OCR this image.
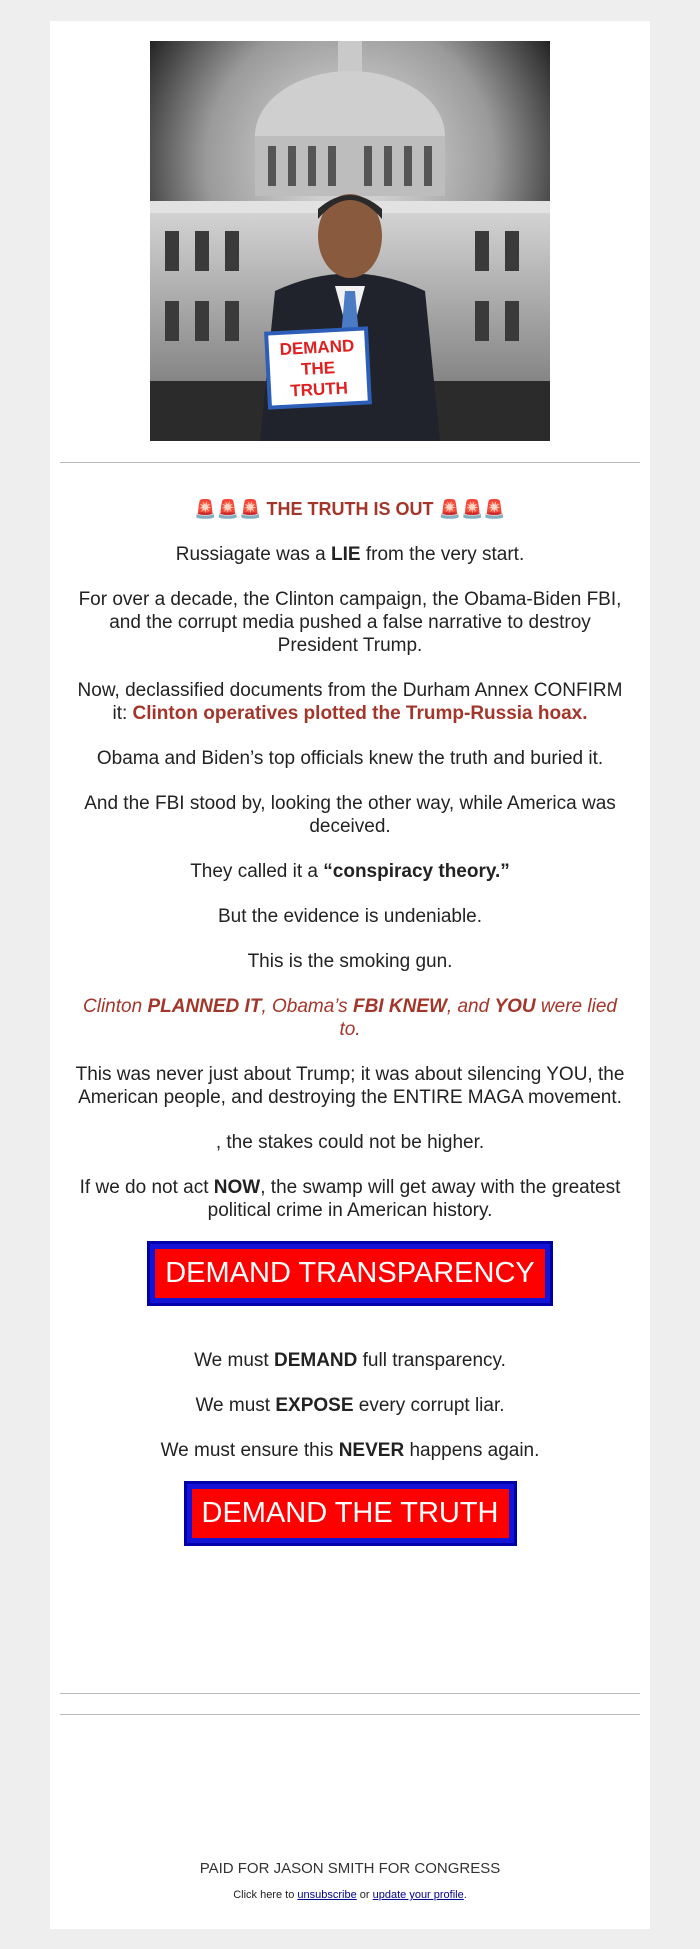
DEMAND
THE
TRUTH

🚨🚨🚨 THE TRUTH IS OUT 🚨🚨🚨

Russiagate was a LIE from the very start.

For over a decade, the Clinton campaign, the Obama-Biden FBI, and the corrupt media pushed a false narrative to destroy President Trump.

Now, declassified documents from the Durham Annex CONFIRM it: Clinton operatives plotted the Trump-Russia hoax.

Obama and Biden’s top officials knew the truth and buried it.

And the FBI stood by, looking the other way, while America was deceived.

They called it a “conspiracy theory.”

But the evidence is undeniable.

This is the smoking gun.

Clinton PLANNED IT, Obama’s FBI KNEW, and YOU were lied to.

This was never just about Trump; it was about silencing YOU, the American people, and destroying the ENTIRE MAGA movement.

, the stakes could not be higher.

If we do not act NOW, the swamp will get away with the greatest political crime in American history.

DEMAND TRANSPARENCY

We must DEMAND full transparency.

We must EXPOSE every corrupt liar.

We must ensure this NEVER happens again.

DEMAND THE TRUTH
PAID FOR JASON SMITH FOR CONGRESS
Click here to unsubscribe or update your profile.
